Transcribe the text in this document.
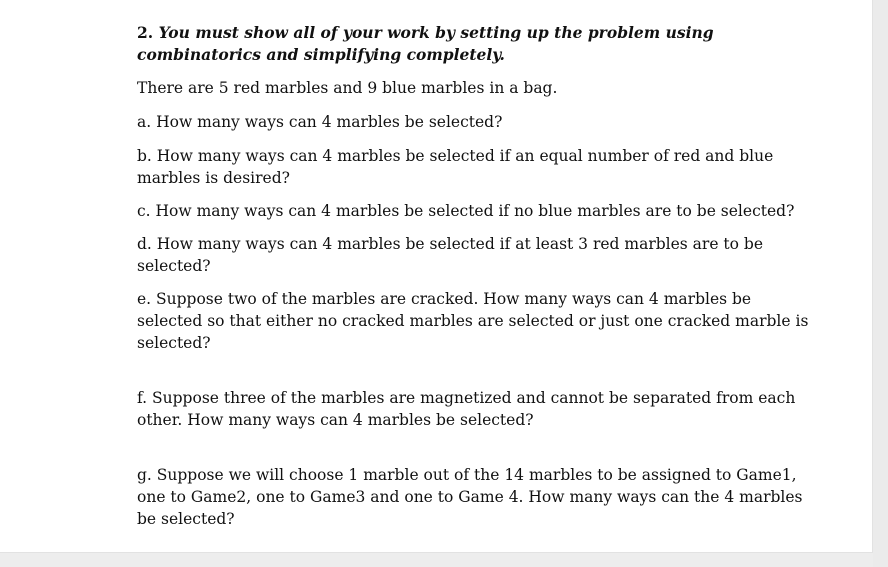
2. You must show all of your work by setting up the problem using
combinatorics and simplifying completely.

There are 5 red marbles and 9 blue marbles in a bag.

a. How many ways can 4 marbles be selected?

b. How many ways can 4 marbles be selected if an equal number of red and blue
marbles is desired?

c. How many ways can 4 marbles be selected if no blue marbles are to be selected?

d. How many ways can 4 marbles be selected if at least 3 red marbles are to be
selected?

e. Suppose two of the marbles are cracked. How many ways can 4 marbles be
selected so that either no cracked marbles are selected or just one cracked marble is
selected?

f. Suppose three of the marbles are magnetized and cannot be separated from each
other. How many ways can 4 marbles be selected?

g. Suppose we will choose 1 marble out of the 14 marbles to be assigned to Game1,
one to Game2, one to Game3 and one to Game 4. How many ways can the 4 marbles
be selected?
